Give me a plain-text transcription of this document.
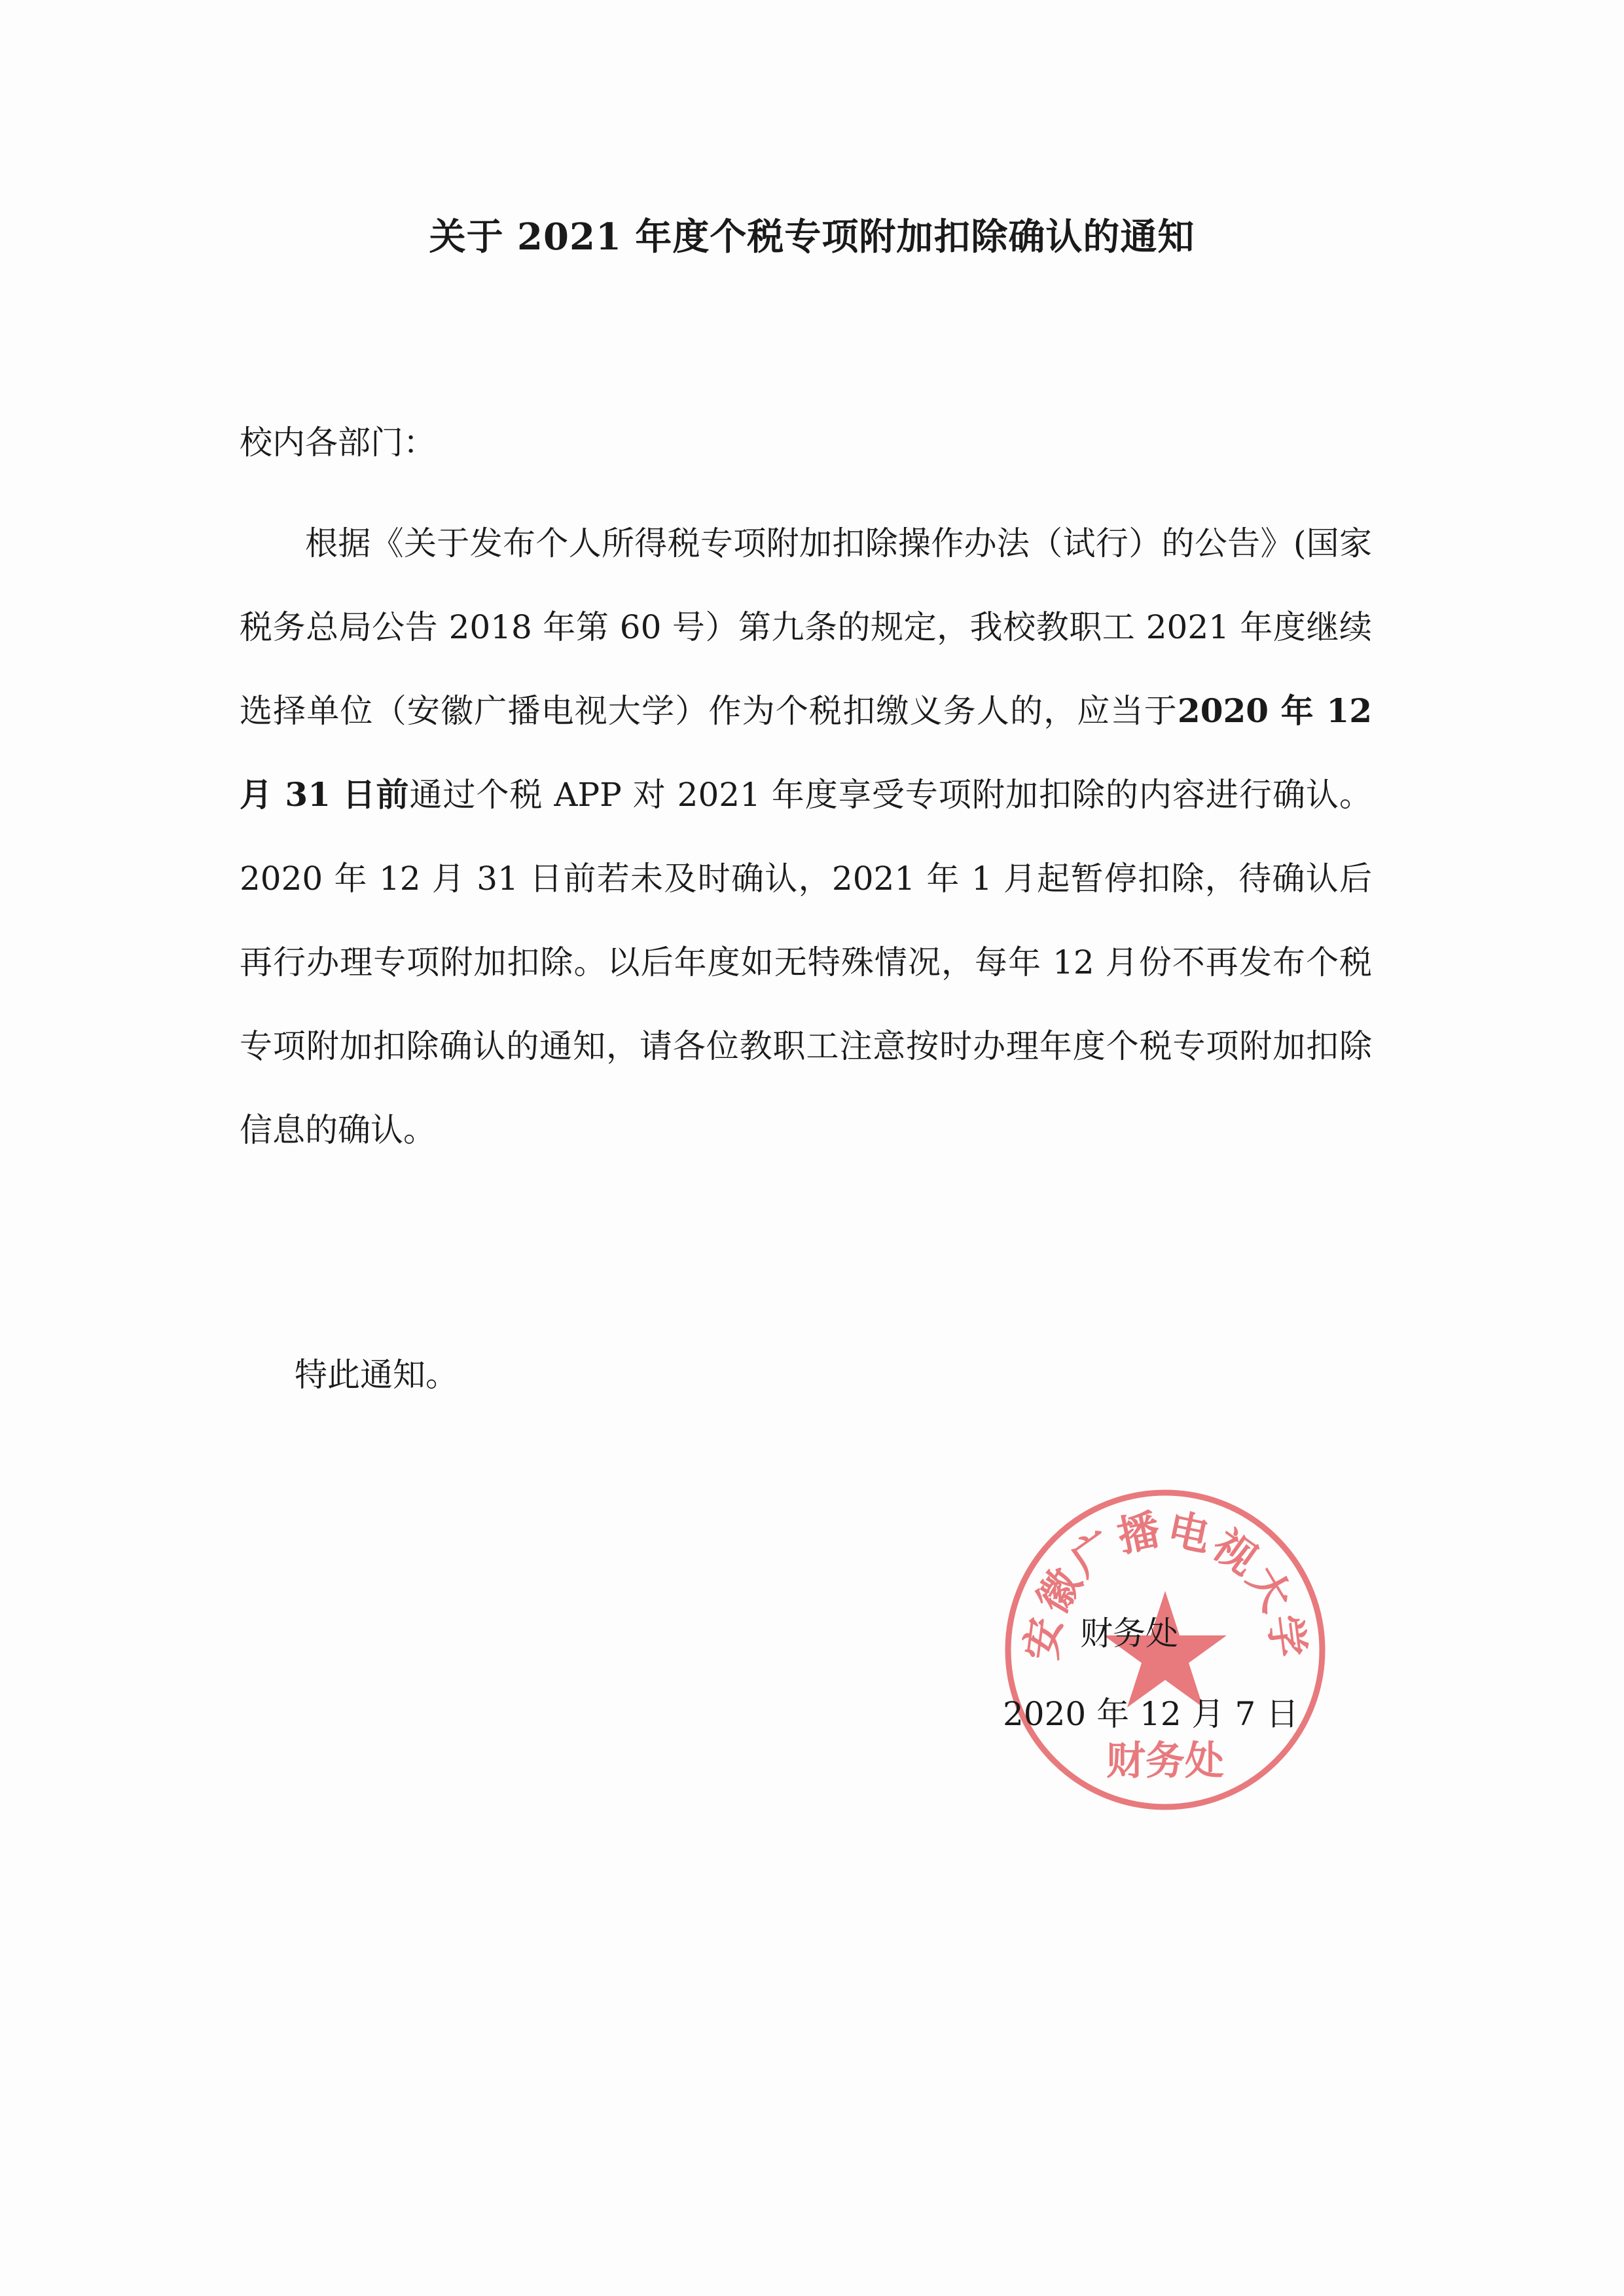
关于 2021 年度个税专项附加扣除确认的通知
校内各部门：
根据《关于发布个人所得税专项附加扣除操作办法（试行）的公告》(国家税务总局公告 2018 年第 60 号）第九条的规定，我校教职工 2021 年度继续选择单位（安徽广播电视大学）作为个税扣缴义务人的，应当于2020 年 12 月 31 日前通过个税 APP 对 2021 年度享受专项附加扣除的内容进行确认。2020 年 12 月 31 日前若未及时确认，2021 年 1 月起暂停扣除，待确认后再行办理专项附加扣除。以后年度如无特殊情况，每年 12 月份不再发布个税专项附加扣除确认的通知，请各位教职工注意按时办理年度个税专项附加扣除信息的确认。
特此通知。
安徽广播电视大学
财务处
财务处
2020 年 12 月 7 日
